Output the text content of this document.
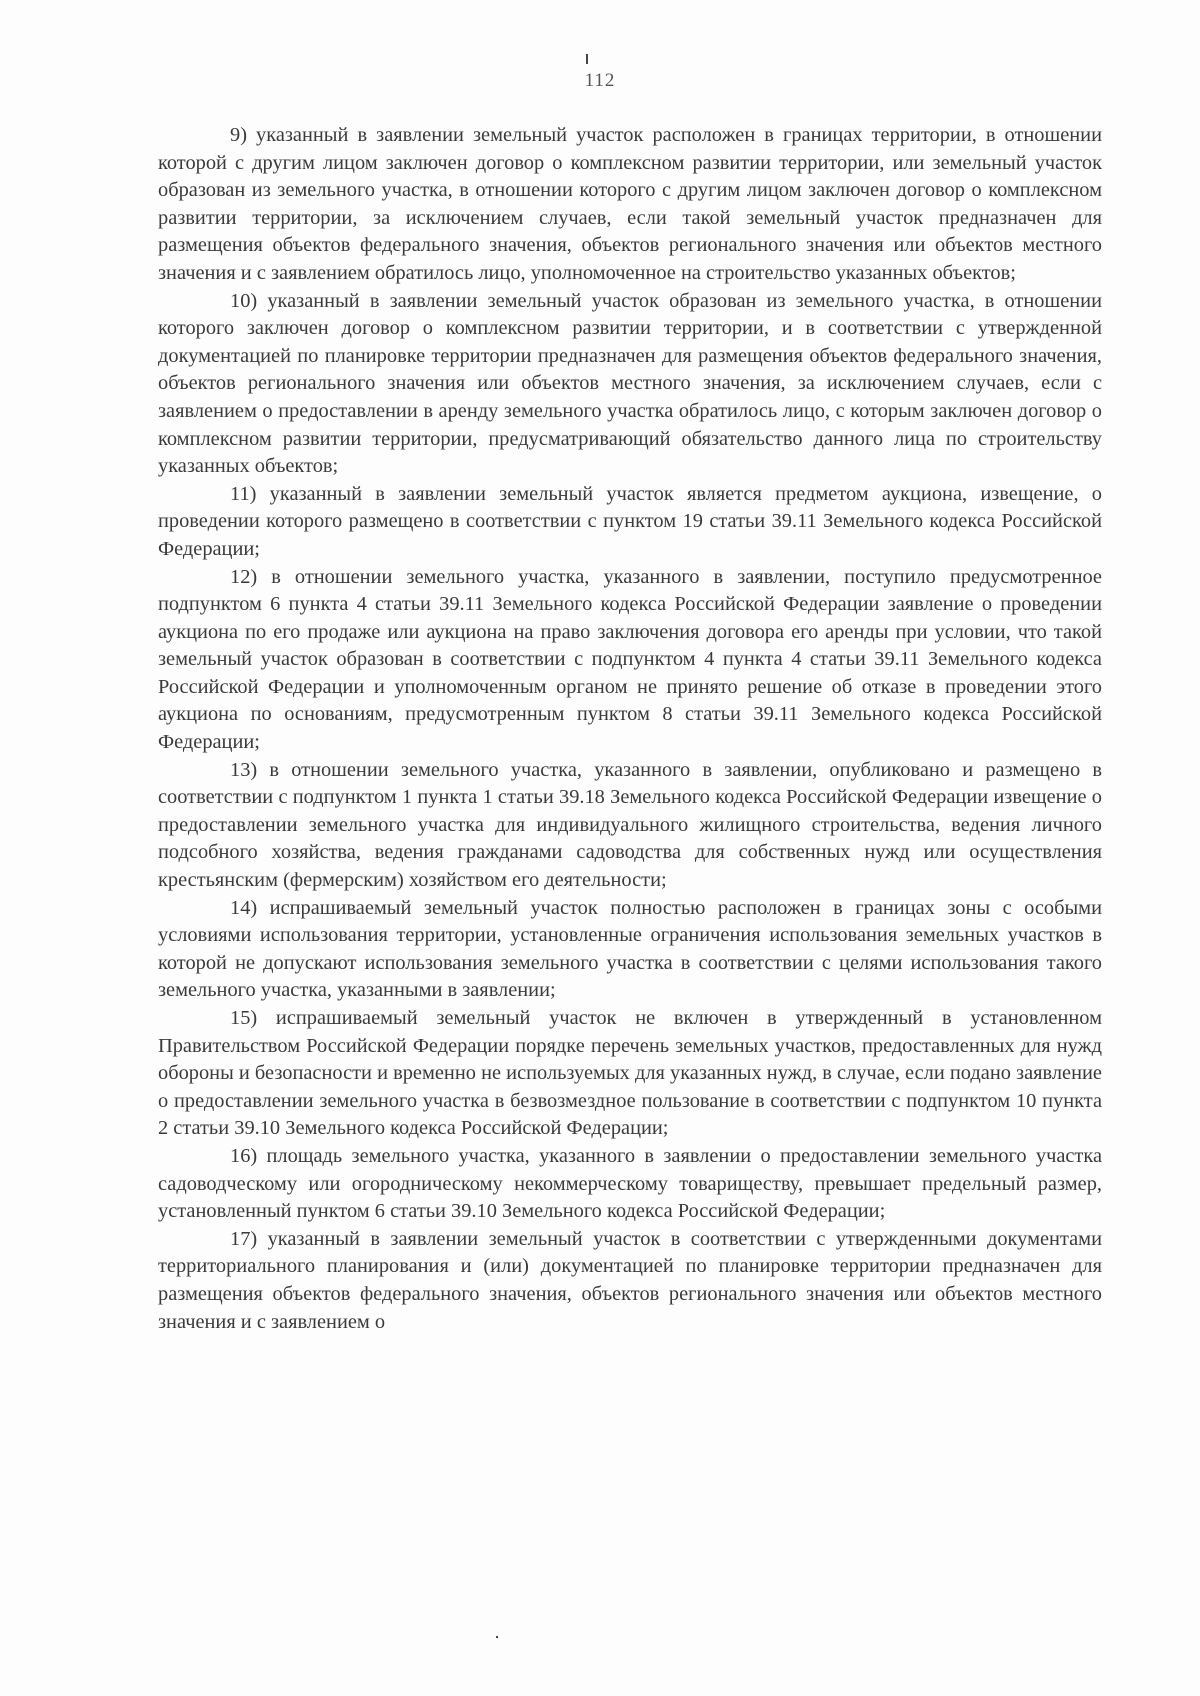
112

9) указанный в заявлении земельный участок расположен в границах территории, в отношении которой с другим лицом заключен договор о комплексном развитии территории, или земельный участок образован из земельного участка, в отношении которого с другим лицом заключен договор о комплексном развитии территории, за исключением случаев, если такой земельный участок предназначен для размещения объектов федерального значения, объектов регионального значения или объектов местного значения и с заявлением обратилось лицо, уполномоченное на строительство указанных объектов;

10) указанный в заявлении земельный участок образован из земельного участка, в отношении которого заключен договор о комплексном развитии территории, и в соответствии с утвержденной документацией по планировке территории предназначен для размещения объектов федерального значения, объектов регионального значения или объектов местного значения, за исключением случаев, если с заявлением о предоставлении в аренду земельного участка обратилось лицо, с которым заключен договор о комплексном развитии территории, предусматривающий обязательство данного лица по строительству указанных объектов;

11) указанный в заявлении земельный участок является предметом аукциона, извещение, о проведении которого размещено в соответствии с пунктом 19 статьи 39.11 Земельного кодекса Российской Федерации;

12) в отношении земельного участка, указанного в заявлении, поступило предусмотренное подпунктом 6 пункта 4 статьи 39.11 Земельного кодекса Российской Федерации заявление о проведении аукциона по его продаже или аукциона на право заключения договора его аренды при условии, что такой земельный участок образован в соответствии с подпунктом 4 пункта 4 статьи 39.11 Земельного кодекса Российской Федерации и уполномоченным органом не принято решение об отказе в проведении этого аукциона по основаниям, предусмотренным пунктом 8 статьи 39.11 Земельного кодекса Российской Федерации;

13) в отношении земельного участка, указанного в заявлении, опубликовано и размещено в соответствии с подпунктом 1 пункта 1 статьи 39.18 Земельного кодекса Российской Федерации извещение о предоставлении земельного участка для индивидуального жилищного строительства, ведения личного подсобного хозяйства, ведения гражданами садоводства для собственных нужд или осуществления крестьянским (фермерским) хозяйством его деятельности;

14) испрашиваемый земельный участок полностью расположен в границах зоны с особыми условиями использования территории, установленные ограничения использования земельных участков в которой не допускают использования земельного участка в соответствии с целями использования такого земельного участка, указанными в заявлении;

15) испрашиваемый земельный участок не включен в утвержденный в установленном Правительством Российской Федерации порядке перечень земельных участков, предоставленных для нужд обороны и безопасности и временно не используемых для указанных нужд, в случае, если подано заявление о предоставлении земельного участка в безвозмездное пользование в соответствии с подпунктом 10 пункта 2 статьи 39.10 Земельного кодекса Российской Федерации;

16) площадь земельного участка, указанного в заявлении о предоставлении земельного участка садоводческому или огородническому некоммерческому товариществу, превышает предельный размер, установленный пунктом 6 статьи 39.10 Земельного кодекса Российской Федерации;

17) указанный в заявлении земельный участок в соответствии с утвержденными документами территориального планирования и (или) документацией по планировке территории предназначен для размещения объектов федерального значения, объектов регионального значения или объектов местного значения и с заявлением о
